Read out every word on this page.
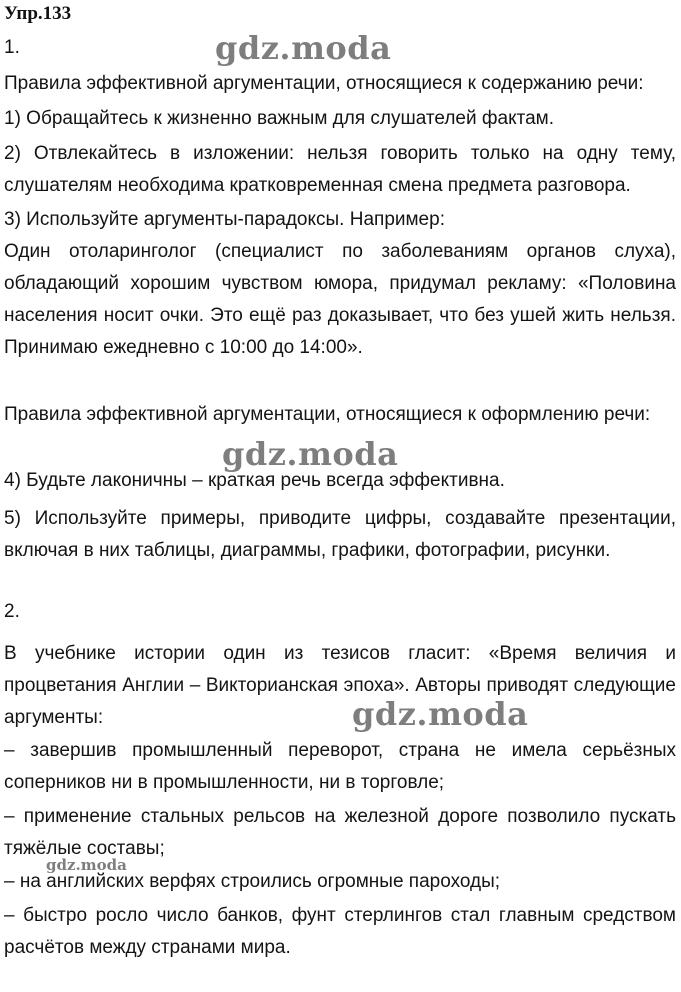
Упр.133

1.

Правила эффективной аргументации, относящиеся к содержанию речи:

1) Обращайтесь к жизненно важным для слушателей фактам.

2) Отвлекайтесь в изложении: нельзя говорить только на одну тему, слушателям необходима кратковременная смена предмета разговора.

3) Используйте аргументы-парадоксы. Например:

Один отоларинголог (специалист по заболеваниям органов слуха), обладающий хорошим чувством юмора, придумал рекламу: «Половина населения носит очки. Это ещё раз доказывает, что без ушей жить нельзя. Принимаю ежедневно с 10:00 до 14:00».

Правила эффективной аргументации, относящиеся к оформлению речи:

4) Будьте лаконичны – краткая речь всегда эффективна.

5) Используйте примеры, приводите цифры, создавайте презентации, включая в них таблицы, диаграммы, графики, фотографии, рисунки.

2.

В учебнике истории один из тезисов гласит: «Время величия и процветания Англии – Викторианская эпоха». Авторы приводят следующие аргументы:

– завершив промышленный переворот, страна не имела серьёзных соперников ни в промышленности, ни в торговле;

– применение стальных рельсов на железной дороге позволило пускать тяжёлые составы;

– на английских верфях строились огромные пароходы;

– быстро росло число банков, фунт стерлингов стал главным средством расчётов между странами мира.

gdz.moda
gdz.moda
gdz.moda
gdz.moda
